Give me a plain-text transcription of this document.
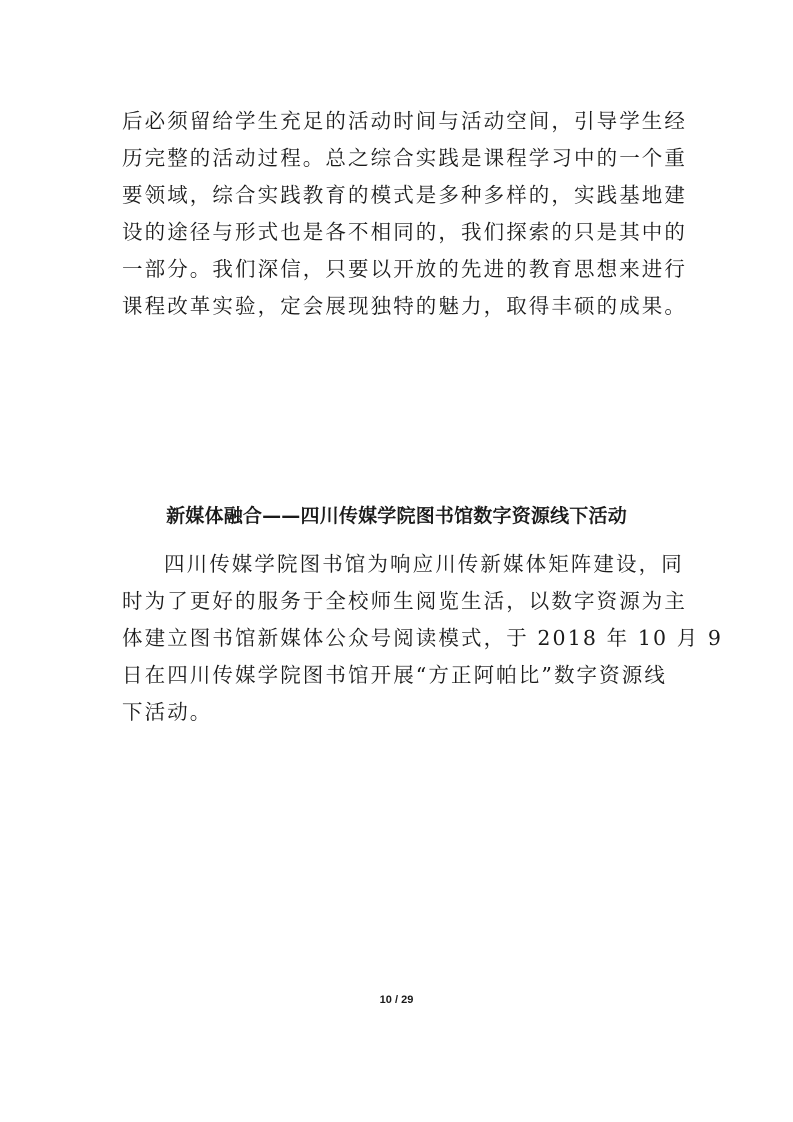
后必须留给学生充足的活动时间与活动空间，引导学生经
历完整的活动过程。总之综合实践是课程学习中的一个重
要领域，综合实践教育的模式是多种多样的，实践基地建
设的途径与形式也是各不相同的，我们探索的只是其中的
一部分。我们深信，只要以开放的先进的教育思想来进行
课程改革实验，定会展现独特的魅力，取得丰硕的成果。
新媒体融合——四川传媒学院图书馆数字资源线下活动
四川传媒学院图书馆为响应川传新媒体矩阵建设，同
时为了更好的服务于全校师生阅览生活，以数字资源为主
体建立图书馆新媒体公众号阅读模式，于 2018 年 10 月 9
日在四川传媒学院图书馆开展“方正阿帕比”数字资源线
下活动。
10 / 29
